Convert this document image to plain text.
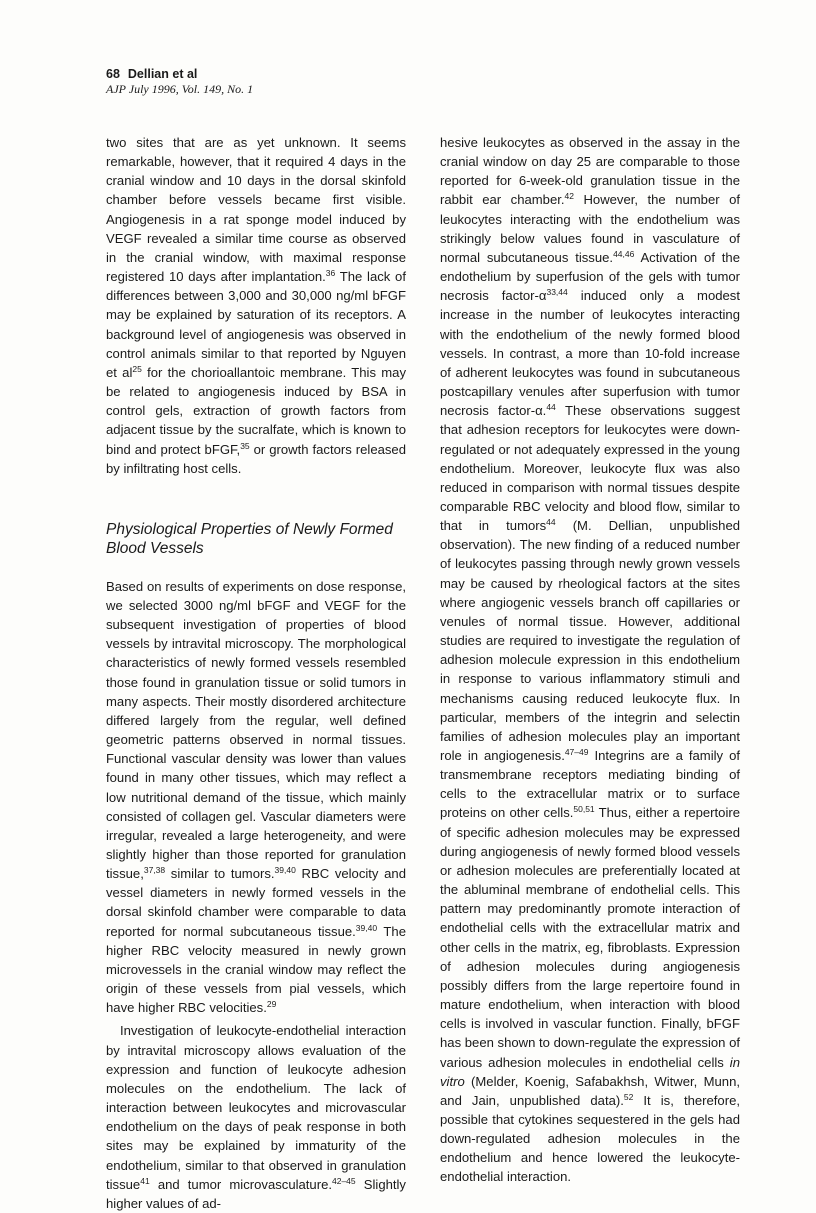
68 Dellian et al
AJP July 1996, Vol. 149, No. 1

two sites that are as yet unknown. It seems remarkable, however, that it required 4 days in the cranial window and 10 days in the dorsal skinfold chamber before vessels became first visible. Angiogenesis in a rat sponge model induced by VEGF revealed a similar time course as observed in the cranial window, with maximal response registered 10 days after implantation.$^{36}$ The lack of differences between 3,000 and 30,000 ng/ml bFGF may be explained by saturation of its receptors. A background level of angiogenesis was observed in control animals similar to that reported by Nguyen et $al^{25}$ for the chorioallantoic membrane. This may be related to angiogenesis induced by BSA in control gels, extraction of growth factors from adjacent tissue by the sucralfate, which is known to bind and protect bFGF,$^{35}$ or growth factors released by infiltrating host cells.

Physiological Properties of Newly Formed Blood Vessels

Based on results of experiments on dose response, we selected 3000 ng/ml bFGF and VEGF for the subsequent investigation of properties of blood vessels by intravital microscopy. The morphological characteristics of newly formed vessels resembled those found in granulation tissue or solid tumors in many aspects. Their mostly disordered architecture differed largely from the regular, well defined geometric patterns observed in normal tissues. Functional vascular density was lower than values found in many other tissues, which may reflect a low nutritional demand of the tissue, which mainly consisted of collagen gel. Vascular diameters were irregular, revealed a large heterogeneity, and were slightly higher than those reported for granulation tissue,$^{37,38}$ similar to tumors.$^{39,40}$ RBC velocity and vessel diameters in newly formed vessels in the dorsal skinfold chamber were comparable to data reported for normal subcutaneous tissue.$^{39,40}$ The higher RBC velocity measured in newly grown microvessels in the cranial window may reflect the origin of these vessels from pial vessels, which have higher RBC velocities.$^{29}$

Investigation of leukocyte-endothelial interaction by intravital microscopy allows evaluation of the expression and function of leukocyte adhesion molecules on the endothelium. The lack of interaction between leukocytes and microvascular endothelium on the days of peak response in both sites may be explained by immaturity of the endothelium, similar to that observed in granulation tissue$^{41}$ and tumor microvasculature.$^{42-45}$ Slightly higher values of ad-

hesive leukocytes as observed in the assay in the cranial window on day 25 are comparable to those reported for 6-week-old granulation tissue in the rabbit ear chamber.$^{42}$ However, the number of leukocytes interacting with the endothelium was strikingly below values found in vasculature of normal subcutaneous tissue.$^{44,46}$ Activation of the endothelium by superfusion of the gels with tumor necrosis factor-$\alpha^{33,44}$ induced only a modest increase in the number of leukocytes interacting with the endothelium of the newly formed blood vessels. In contrast, a more than 10-fold increase of adherent leukocytes was found in subcutaneous postcapillary venules after superfusion with tumor necrosis factor-α.$^{44}$ These observations suggest that adhesion receptors for leukocytes were down-regulated or not adequately expressed in the young endothelium. Moreover, leukocyte flux was also reduced in comparison with normal tissues despite comparable RBC velocity and blood flow, similar to that in tumors$^{44}$ (M. Dellian, unpublished observation). The new finding of a reduced number of leukocytes passing through newly grown vessels may be caused by rheological factors at the sites where angiogenic vessels branch off capillaries or venules of normal tissue. However, additional studies are required to investigate the regulation of adhesion molecule expression in this endothelium in response to various inflammatory stimuli and mechanisms causing reduced leukocyte flux. In particular, members of the integrin and selectin families of adhesion molecules play an important role in angiogenesis.$^{47-49}$ Integrins are a family of transmembrane receptors mediating binding of cells to the extracellular matrix or to surface proteins on other cells.$^{50,51}$ Thus, either a repertoire of specific adhesion molecules may be expressed during angiogenesis of newly formed blood vessels or adhesion molecules are preferentially located at the abluminal membrane of endothelial cells. This pattern may predominantly promote interaction of endothelial cells with the extracellular matrix and other cells in the matrix, eg, fibroblasts. Expression of adhesion molecules during angiogenesis possibly differs from the large repertoire found in mature endothelium, when interaction with blood cells is involved in vascular function. Finally, bFGF has been shown to down-regulate the expression of various adhesion molecules in endothelial cells in vitro (Melder, Koenig, Safabakhsh, Witwer, Munn, and Jain, unpublished data).$^{52}$ It is, therefore, possible that cytokines sequestered in the gels had down-regulated adhesion molecules in the endothelium and hence lowered the leukocyte-endothelial interaction.
